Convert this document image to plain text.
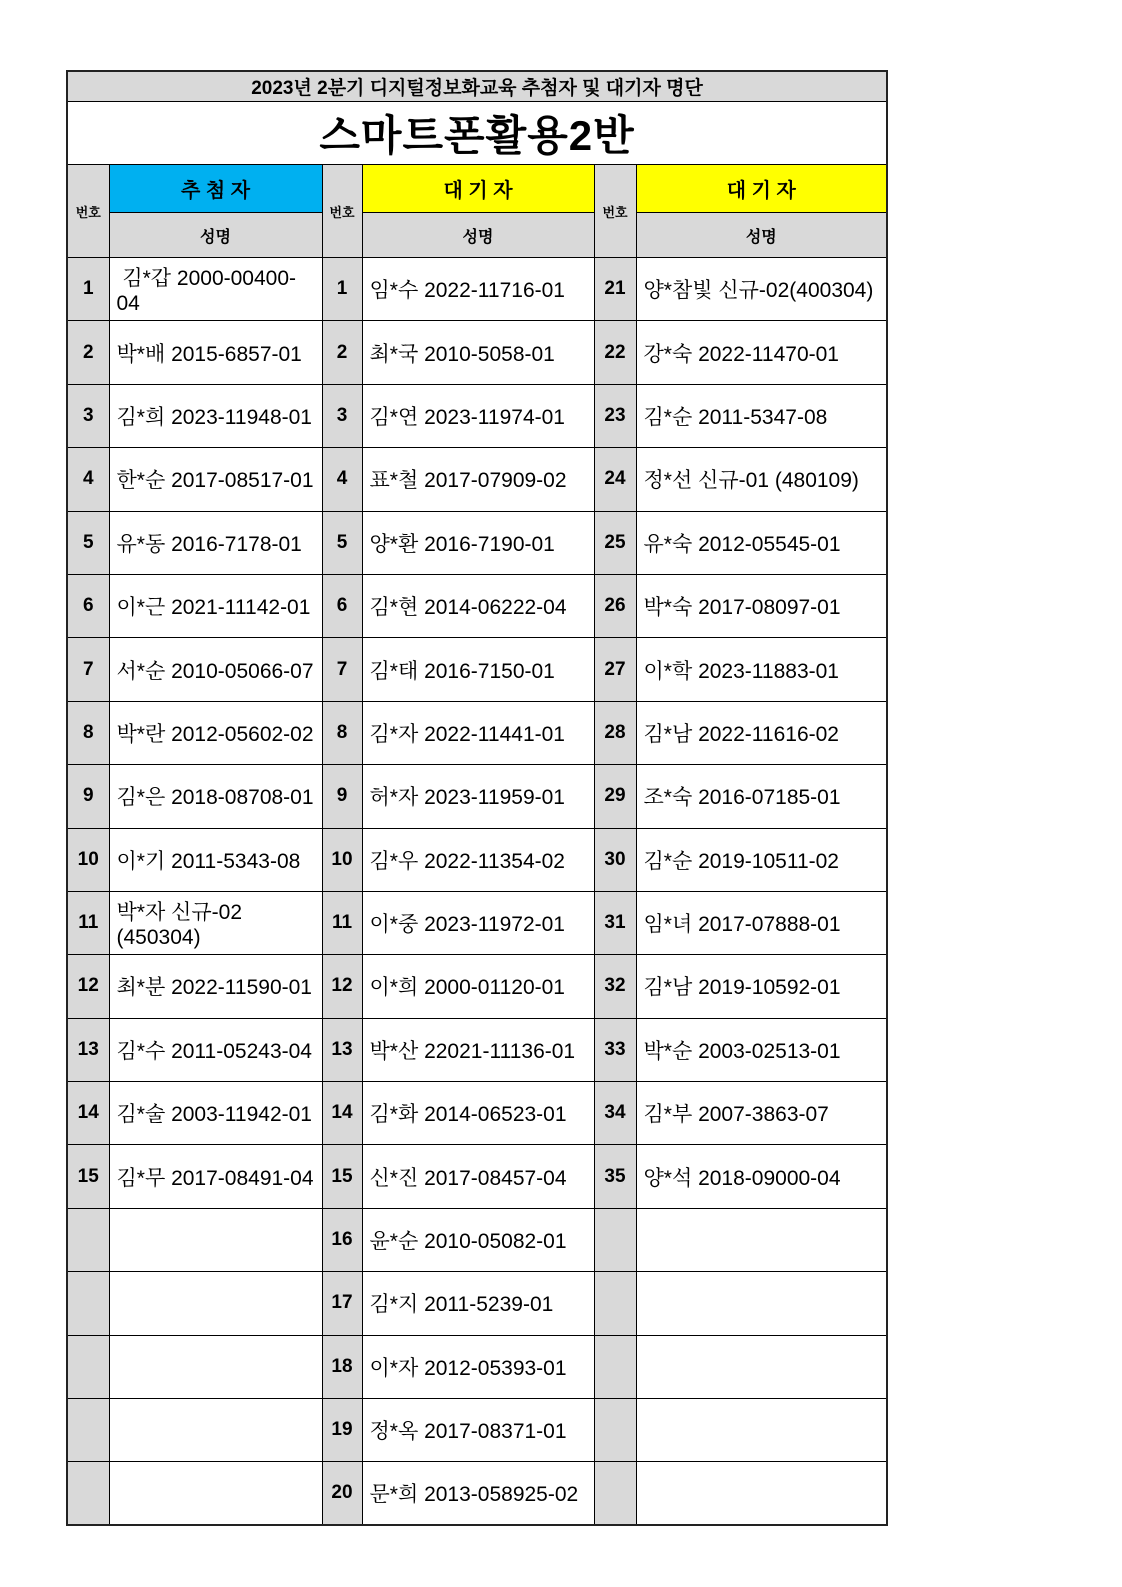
2023년 2분기 디지털정보화교육 추첨자 및 대기자 명단					
스마트폰활용2반					
번호	추 첨 자	번호	대 기 자	번호	대 기 자
	성명		성명		성명
1	김*갑 2000-00400-04	1	임*수 2022-11716-01	21	양*참빛 신규-02(400304)
2	박*배 2015-6857-01	2	최*국 2010-5058-01	22	강*숙 2022-11470-01
3	김*희 2023-11948-01	3	김*연 2023-11974-01	23	김*순 2011-5347-08
4	한*순 2017-08517-01	4	표*철 2017-07909-02	24	정*선 신규-01 (480109)
5	유*동 2016-7178-01	5	양*환 2016-7190-01	25	유*숙 2012-05545-01
6	이*근 2021-11142-01	6	김*현 2014-06222-04	26	박*숙 2017-08097-01
7	서*순 2010-05066-07	7	김*태 2016-7150-01	27	이*학 2023-11883-01
8	박*란 2012-05602-02	8	김*자 2022-11441-01	28	김*남 2022-11616-02
9	김*은 2018-08708-01	9	허*자 2023-11959-01	29	조*숙 2016-07185-01
10	이*기 2011-5343-08	10	김*우 2022-11354-02	30	김*순 2019-10511-02
11	박*자 신규-02 (450304)	11	이*중 2023-11972-01	31	임*녀 2017-07888-01
12	최*분 2022-11590-01	12	이*희 2000-01120-01	32	김*남 2019-10592-01
13	김*수 2011-05243-04	13	박*산 22021-11136-01	33	박*순 2003-02513-01
14	김*술 2003-11942-01	14	김*화 2014-06523-01	34	김*부 2007-3863-07
15	김*무 2017-08491-04	15	신*진 2017-08457-04	35	양*석 2018-09000-04
		16	윤*순 2010-05082-01		
		17	김*지 2011-5239-01		
		18	이*자 2012-05393-01		
		19	정*옥 2017-08371-01		
		20	문*희 2013-058925-02		
